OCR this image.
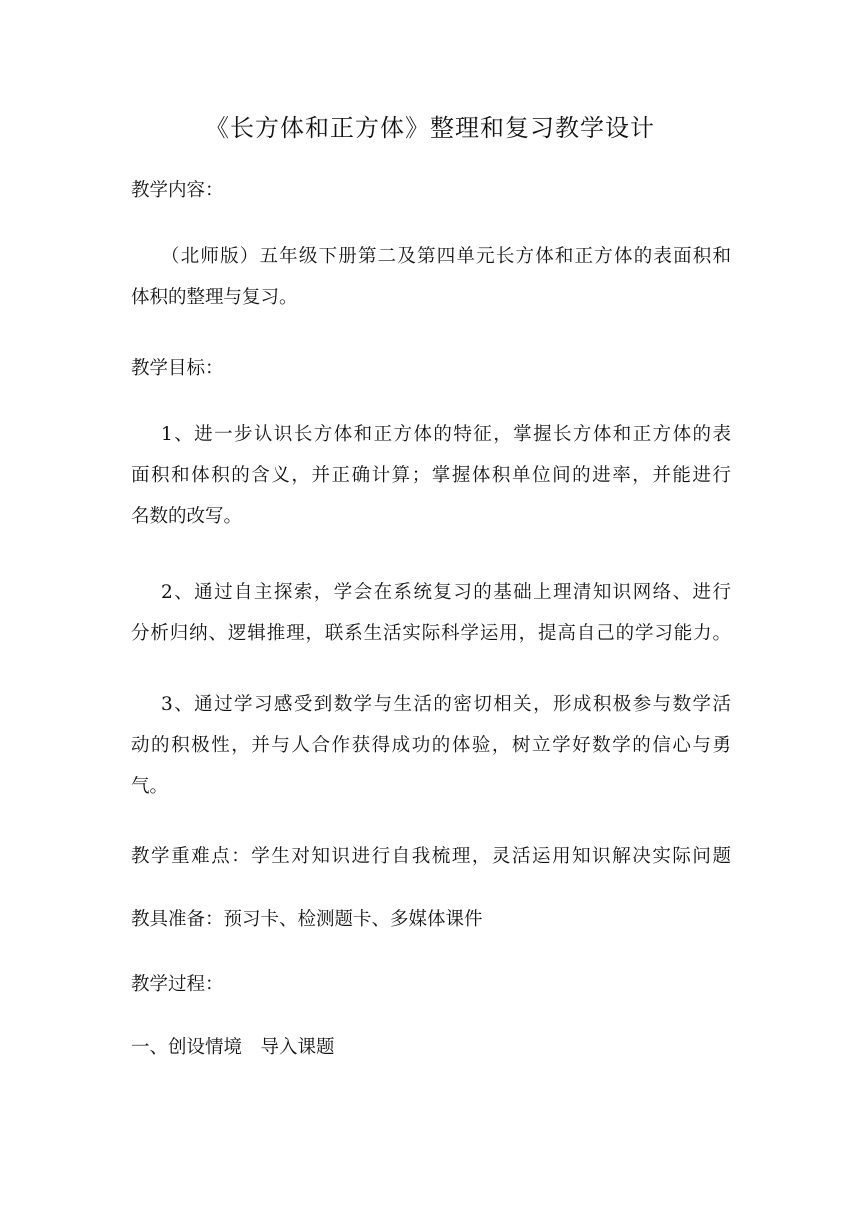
《长方体和正方体》整理和复习教学设计

教学内容：

（北师版）五年级下册第二及第四单元长方体和正方体的表面积和
体积的整理与复习。

教学目标：

1、进一步认识长方体和正方体的特征，掌握长方体和正方体的表
面积和体积的含义，并正确计算；掌握体积单位间的进率，并能进行
名数的改写。

2、通过自主探索，学会在系统复习的基础上理清知识网络、进行
分析归纳、逻辑推理，联系生活实际科学运用，提高自己的学习能力。

3、通过学习感受到数学与生活的密切相关，形成积极参与数学活
动的积极性，并与人合作获得成功的体验，树立学好数学的信心与勇
气。

教学重难点：学生对知识进行自我梳理，灵活运用知识解决实际问题

教具准备：预习卡、检测题卡、多媒体课件

教学过程：

一、创设情境　导入课题
